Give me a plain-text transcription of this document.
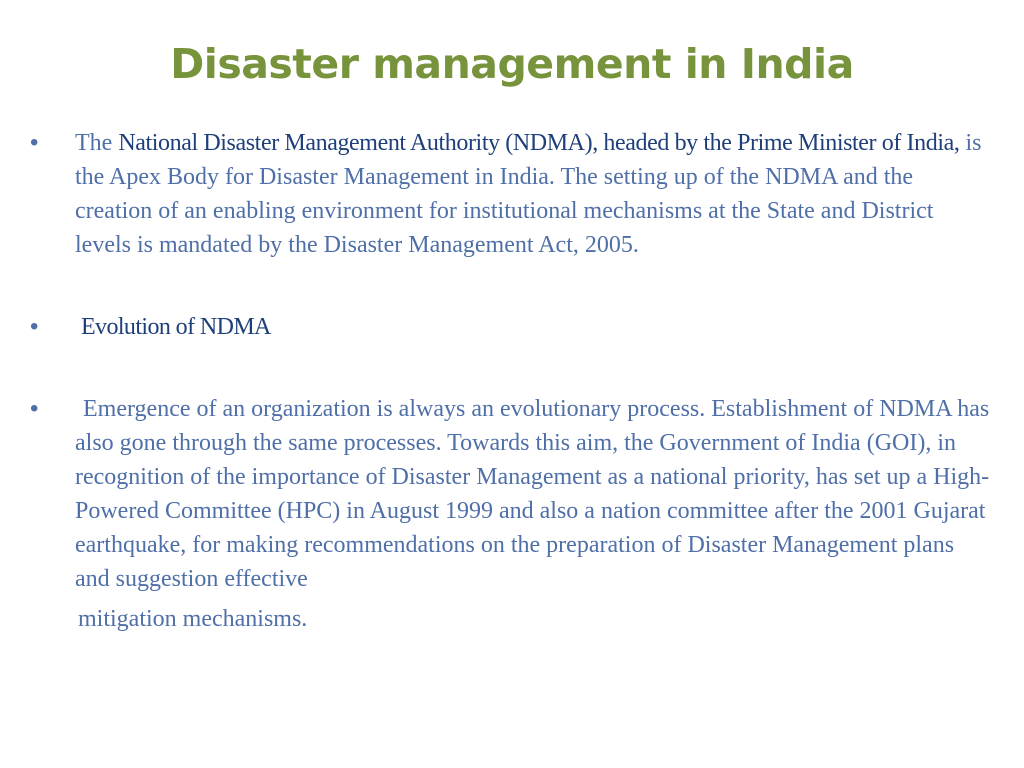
Disaster management in India
•	The National Disaster Management Authority (NDMA), headed by the Prime Minister of India, is the Apex Body for Disaster Management in India. The setting up of the NDMA and the creation of an enabling environment for institutional mechanisms at the State and District levels is mandated by the Disaster Management Act, 2005.
•	Evolution of NDMA
•	Emergence of an organization is always an evolutionary process. Establishment of NDMA has also gone through the same processes. Towards this aim, the Government of India (GOI), in recognition of the importance of Disaster Management as a national priority, has set up a High-Powered Committee (HPC) in August 1999 and also a nation committee after the 2001 Gujarat earthquake, for making recommendations on the preparation of Disaster Management plans and suggestion effective
mitigation mechanisms.
